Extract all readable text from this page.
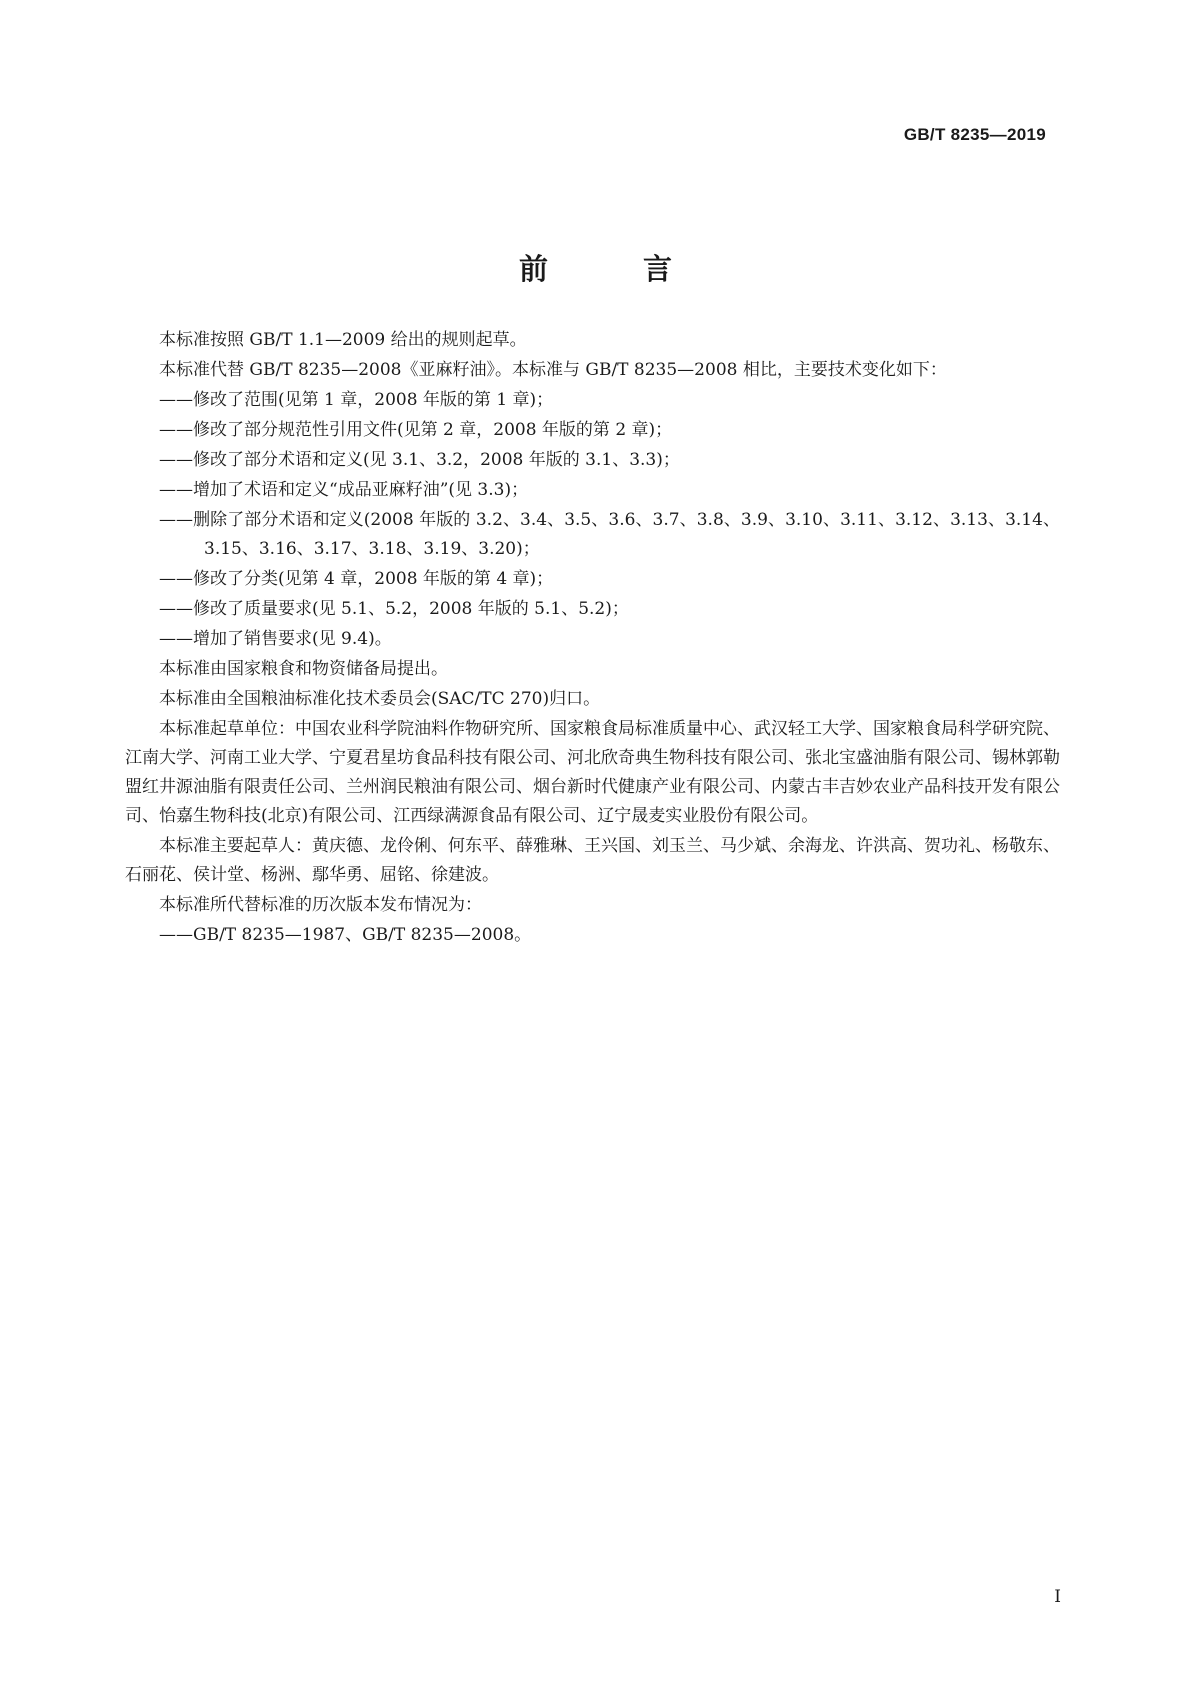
GB/T 8235—2019
前　言

本标准按照 GB/T 1.1—2009 给出的规则起草。

本标准代替 GB/T 8235—2008《亚麻籽油》。本标准与 GB/T 8235—2008 相比，主要技术变化如下：

——修改了范围(见第 1 章，2008 年版的第 1 章)；

——修改了部分规范性引用文件(见第 2 章，2008 年版的第 2 章)；

——修改了部分术语和定义(见 3.1、3.2，2008 年版的 3.1、3.3)；

——增加了术语和定义“成品亚麻籽油”(见 3.3)；

——删除了部分术语和定义(2008 年版的 3.2、3.4、3.5、3.6、3.7、3.8、3.9、3.10、3.11、3.12、3.13、3.14、3.15、3.16、3.17、3.18、3.19、3.20)；

——修改了分类(见第 4 章，2008 年版的第 4 章)；

——修改了质量要求(见 5.1、5.2，2008 年版的 5.1、5.2)；

——增加了销售要求(见 9.4)。

本标准由国家粮食和物资储备局提出。

本标准由全国粮油标准化技术委员会(SAC/TC 270)归口。

本标准起草单位：中国农业科学院油料作物研究所、国家粮食局标准质量中心、武汉轻工大学、国家粮食局科学研究院、江南大学、河南工业大学、宁夏君星坊食品科技有限公司、河北欣奇典生物科技有限公司、张北宝盛油脂有限公司、锡林郭勒盟红井源油脂有限责任公司、兰州润民粮油有限公司、烟台新时代健康产业有限公司、内蒙古丰吉妙农业产品科技开发有限公司、怡嘉生物科技(北京)有限公司、江西绿满源食品有限公司、辽宁晟麦实业股份有限公司。

本标准主要起草人：黄庆德、龙伶俐、何东平、薛雅琳、王兴国、刘玉兰、马少斌、余海龙、许洪高、贺功礼、杨敬东、石丽花、侯计堂、杨洲、鄢华勇、屈铭、徐建波。

本标准所代替标准的历次版本发布情况为：

——GB/T 8235—1987、GB/T 8235—2008。

I
